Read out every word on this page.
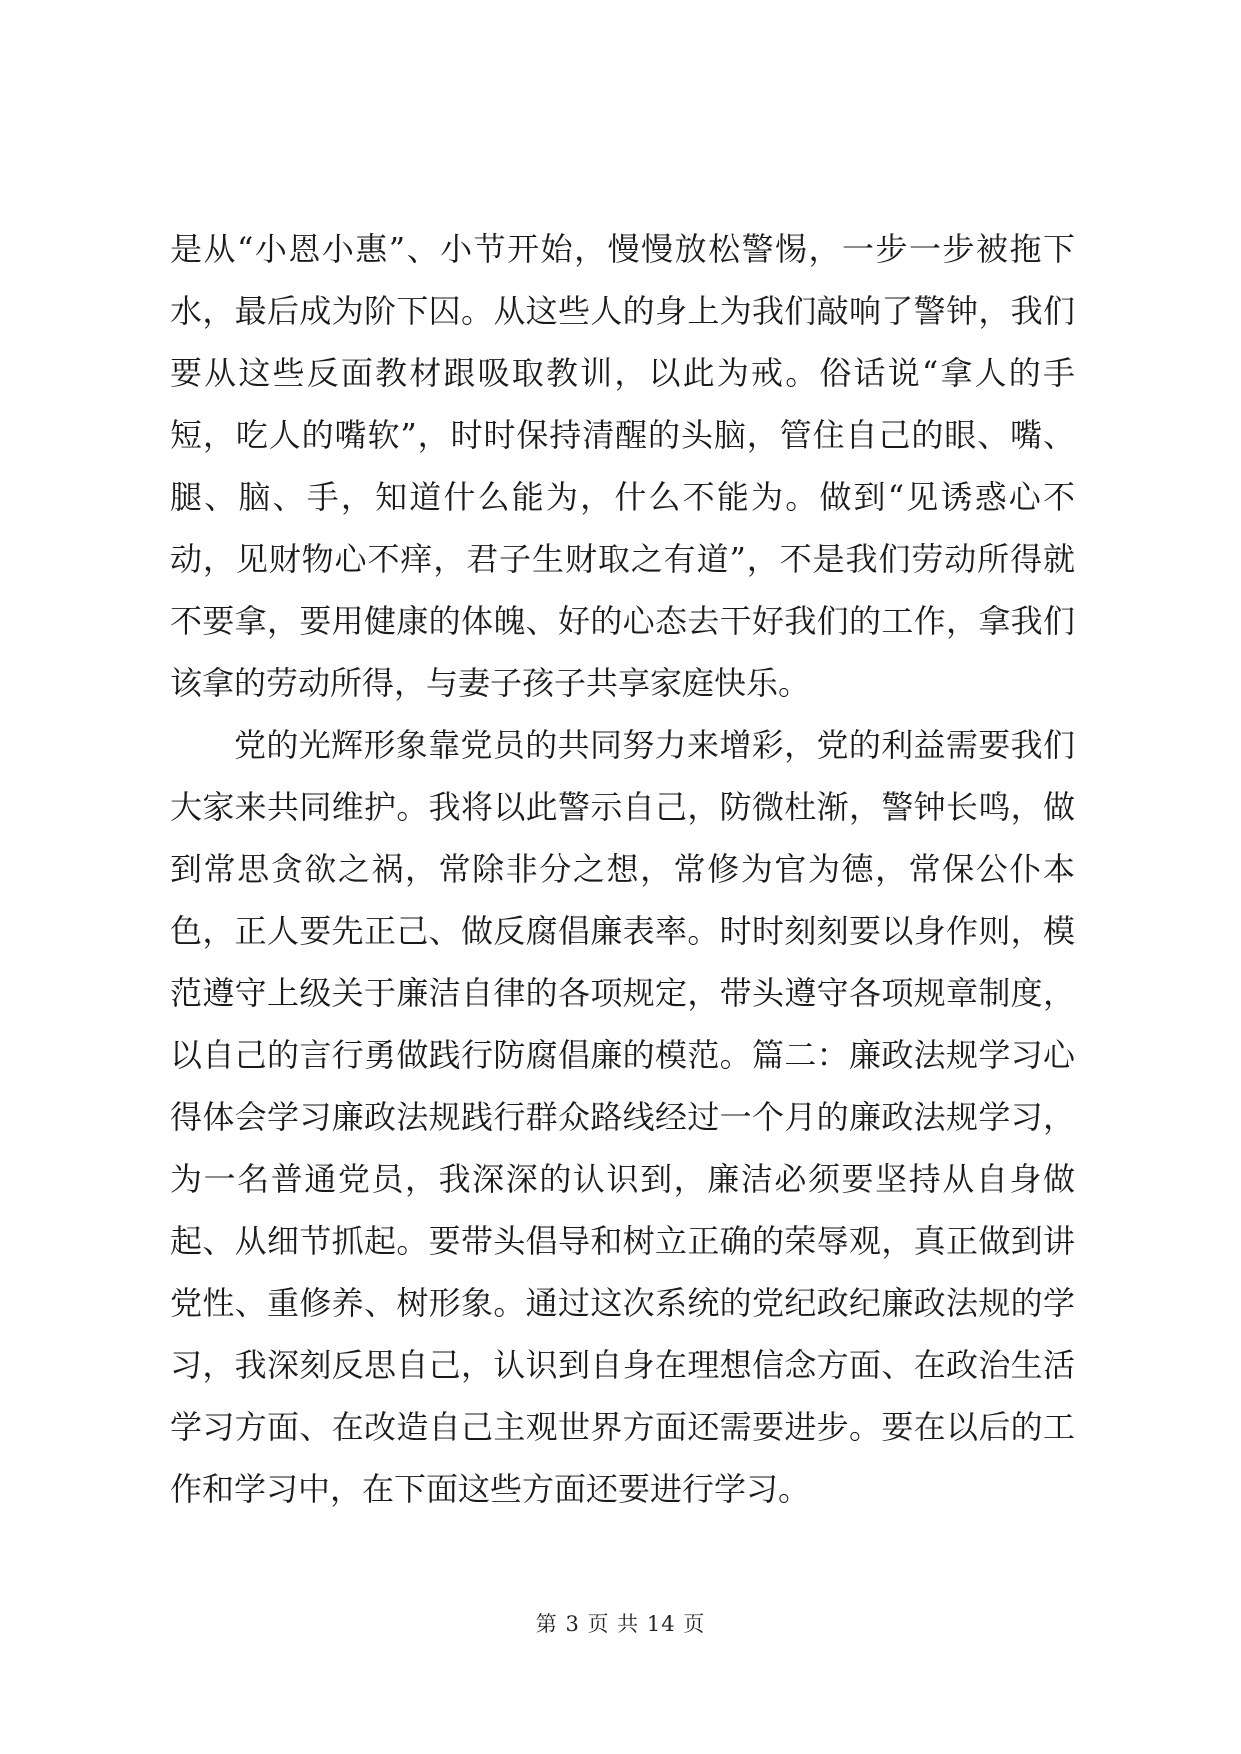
是从“小恩小惠”、小节开始，慢慢放松警惕，一步一步被拖下水，最后成为阶下囚。从这些人的身上为我们敲响了警钟，我们要从这些反面教材跟吸取教训，以此为戒。俗话说“拿人的手短，吃人的嘴软”，时时保持清醒的头脑，管住自己的眼、嘴、腿、脑、手，知道什么能为，什么不能为。做到“见诱惑心不动，见财物心不痒，君子生财取之有道”，不是我们劳动所得就不要拿，要用健康的体魄、好的心态去干好我们的工作，拿我们该拿的劳动所得，与妻子孩子共享家庭快乐。

党的光辉形象靠党员的共同努力来增彩，党的利益需要我们大家来共同维护。我将以此警示自己，防微杜渐，警钟长鸣，做到常思贪欲之祸，常除非分之想，常修为官为德，常保公仆本色，正人要先正己、做反腐倡廉表率。时时刻刻要以身作则，模范遵守上级关于廉洁自律的各项规定，带头遵守各项规章制度，以自己的言行勇做践行防腐倡廉的模范。篇二：廉政法规学习心得体会学习廉政法规践行群众路线经过一个月的廉政法规学习，为一名普通党员，我深深的认识到，廉洁必须要坚持从自身做起、从细节抓起。要带头倡导和树立正确的荣辱观，真正做到讲党性、重修养、树形象。通过这次系统的党纪政纪廉政法规的学习，我深刻反思自己，认识到自身在理想信念方面、在政治生活学习方面、在改造自己主观世界方面还需要进步。要在以后的工作和学习中，在下面这些方面还要进行学习。

第 3 页 共 14 页
